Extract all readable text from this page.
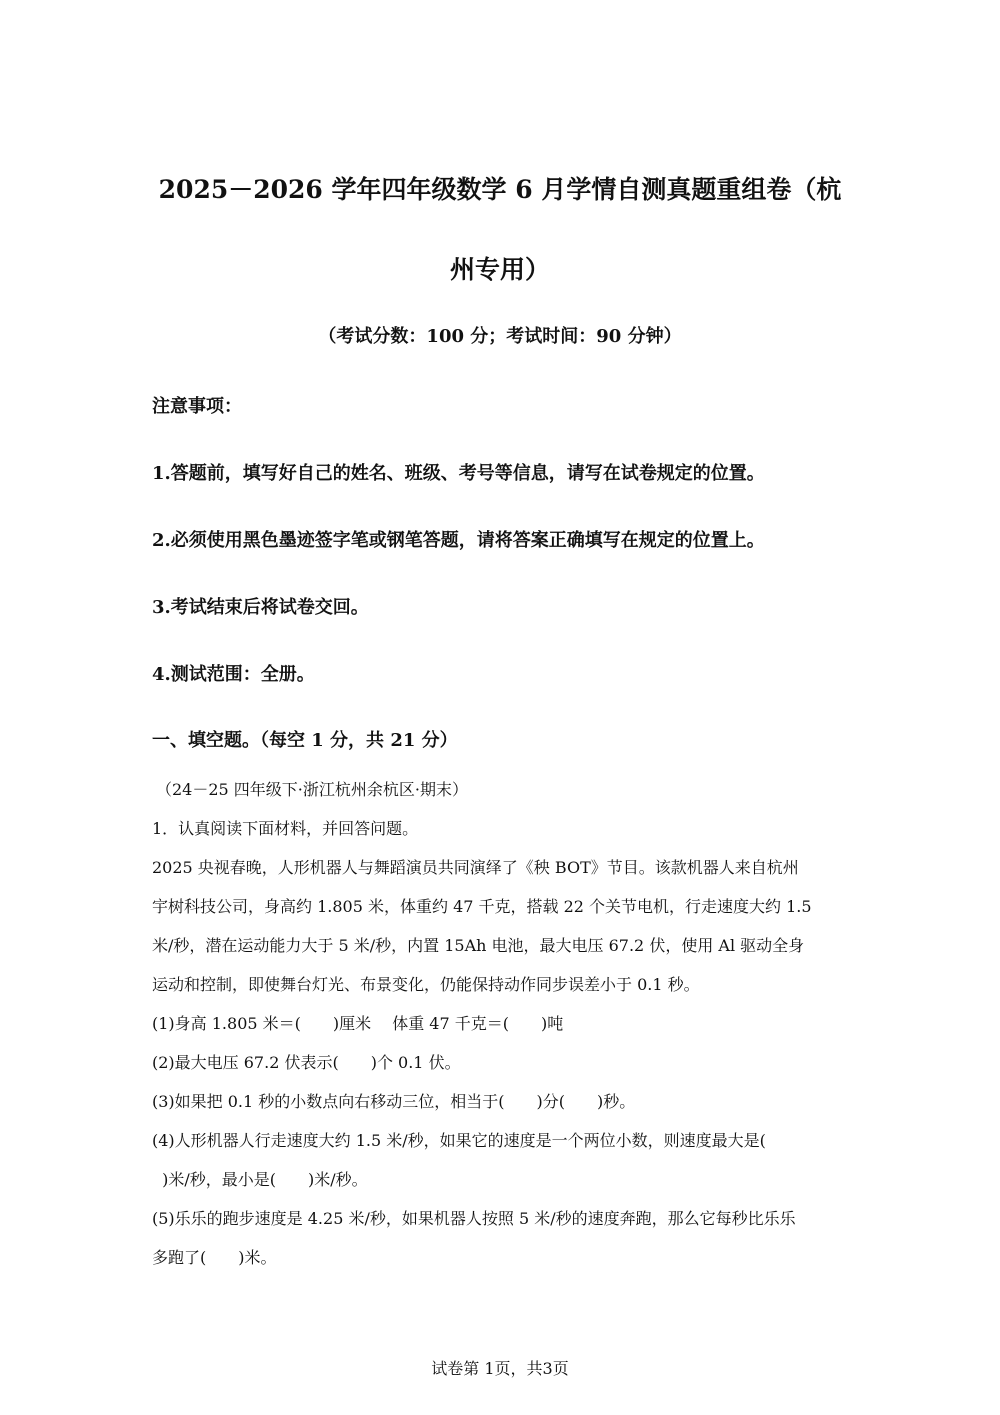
2025－2026 学年四年级数学 6 月学情自测真题重组卷（杭
州专用）
（考试分数：100 分；考试时间：90 分钟）
注意事项：
1.答题前，填写好自己的姓名、班级、考号等信息，请写在试卷规定的位置。
2.必须使用黑色墨迹签字笔或钢笔答题，请将答案正确填写在规定的位置上。
3.考试结束后将试卷交回。
4.测试范围：全册。
一、填空题。（每空 1 分，共 21 分）

（24－25 四年级下·浙江杭州余杭区·期末）

1．认真阅读下面材料，并回答问题。

2025 央视春晚，人形机器人与舞蹈演员共同演绎了《秧 BOT》节目。该款机器人来自杭州

宇树科技公司，身高约 1.805 米，体重约 47 千克，搭载 22 个关节电机，行走速度大约 1.5

米/秒，潜在运动能力大于 5 米/秒，内置 15Ah 电池，最大电压 67.2 伏，使用 Al 驱动全身

运动和控制，即使舞台灯光、布景变化，仍能保持动作同步误差小于 0.1 秒。

(1)身高 1.805 米＝(　　)厘米　 体重 47 千克＝(　　)吨

(2)最大电压 67.2 伏表示(　　)个 0.1 伏。

(3)如果把 0.1 秒的小数点向右移动三位，相当于(　　)分(　　)秒。

(4)人形机器人行走速度大约 1.5 米/秒，如果它的速度是一个两位小数，则速度最大是(

)米/秒，最小是(　　)米/秒。

(5)乐乐的跑步速度是 4.25 米/秒，如果机器人按照 5 米/秒的速度奔跑，那么它每秒比乐乐

多跑了(　　)米。

试卷第 1页，共3页
